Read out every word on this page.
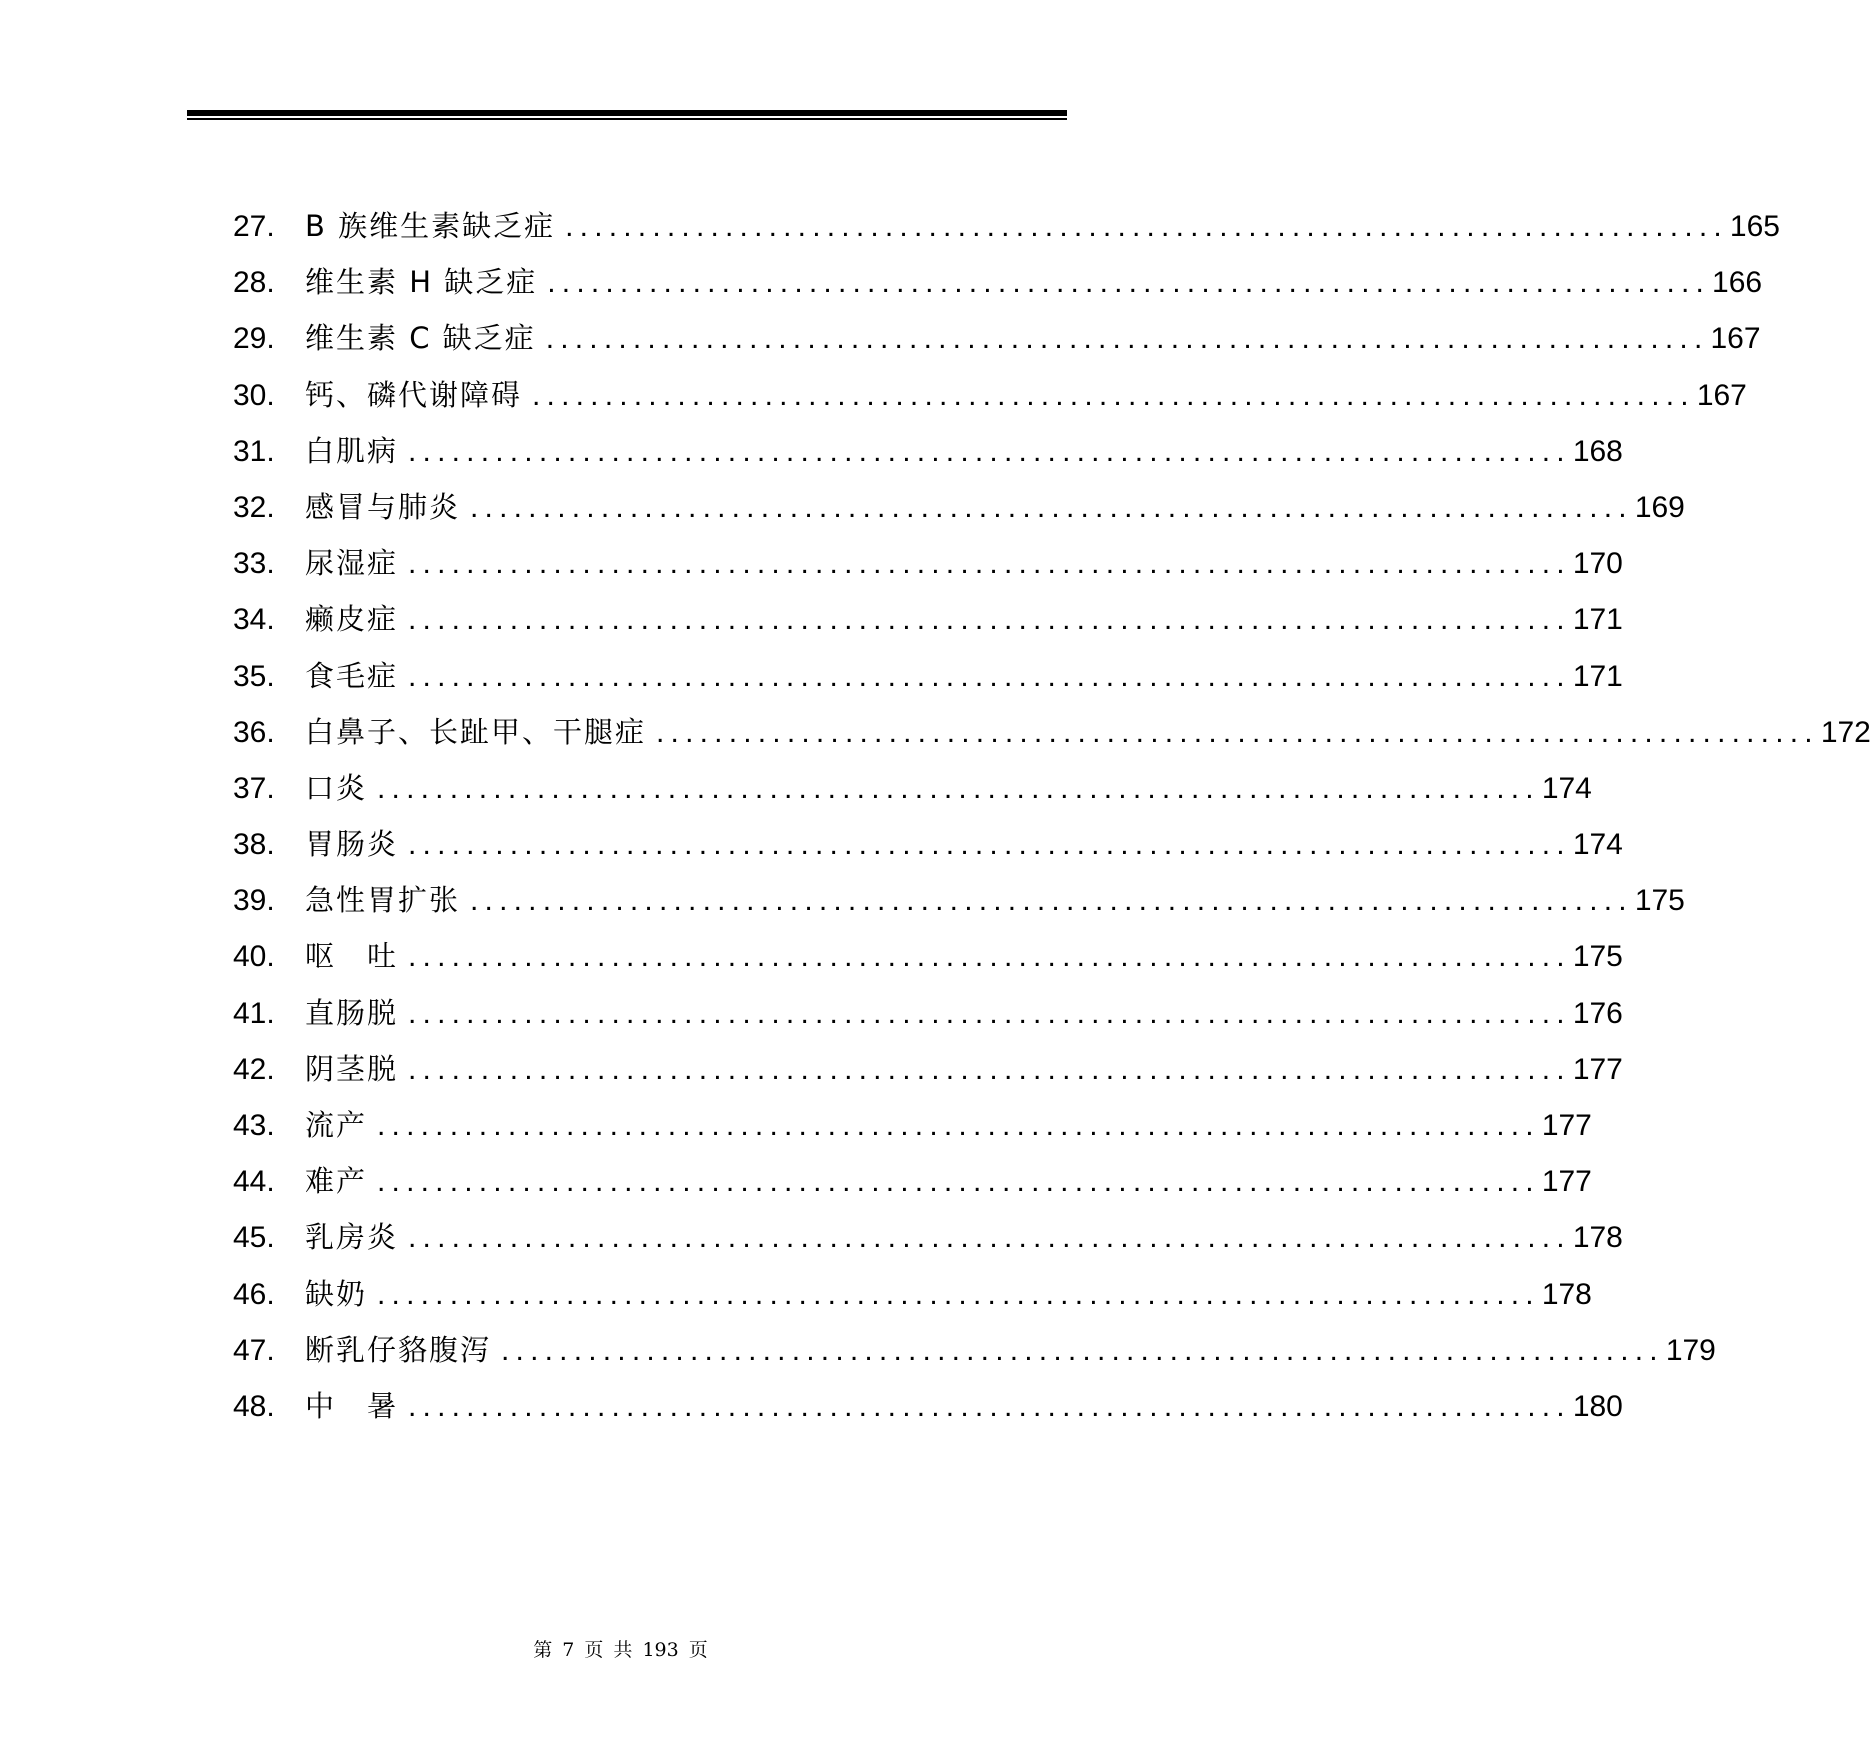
27.	B 族维生素缺乏症 ................................................................................ 165
28.	维生素 H 缺乏症 ................................................................................ 166
29.	维生素 C 缺乏症 ................................................................................ 167
30.	钙、磷代谢障碍 ................................................................................ 167
31.	白肌病 ................................................................................ 168
32.	感冒与肺炎 ................................................................................ 169
33.	尿湿症 ................................................................................ 170
34.	癞皮症 ................................................................................ 171
35.	食毛症 ................................................................................ 171
36.	白鼻子、长趾甲、干腿症 ................................................................................ 172
37.	口炎 ................................................................................ 174
38.	胃肠炎 ................................................................................ 174
39.	急性胃扩张 ................................................................................ 175
40.	呕　吐 ................................................................................ 175
41.	直肠脱 ................................................................................ 176
42.	阴茎脱 ................................................................................ 177
43.	流产 ................................................................................ 177
44.	难产 ................................................................................ 177
45.	乳房炎 ................................................................................ 178
46.	缺奶 ................................................................................ 178
47.	断乳仔貉腹泻 ................................................................................ 179
48.	中　暑 ................................................................................ 180
第 7 页 共 193 页
